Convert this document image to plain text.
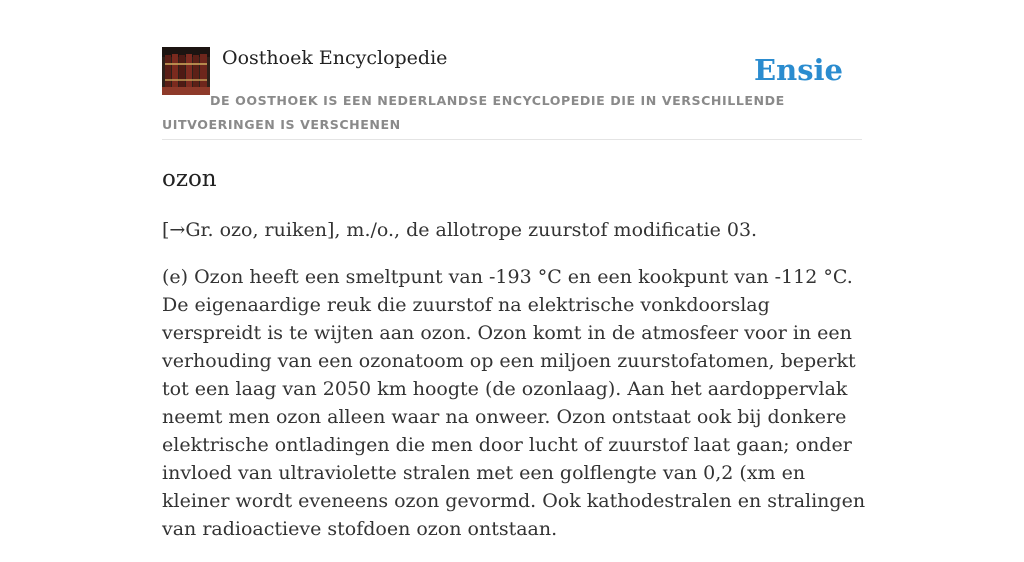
Oosthoek Encyclopedie	Ensie
DE OOSTHOEK IS EEN NEDERLANDSE ENCYCLOPEDIE DIE IN VERSCHILLENDE UITVOERINGEN IS VERSCHENEN
ozon

[→Gr. ozo, ruiken], m./o., de allotrope zuurstof modificatie 03.

(e) Ozon heeft een smeltpunt van -193 °C en een kookpunt van -112 °C. De eigenaardige reuk die zuurstof na elektrische vonkdoorslag verspreidt is te wijten aan ozon. Ozon komt in de atmosfeer voor in een verhouding van een ozonatoom op een miljoen zuurstofatomen, beperkt tot een laag van 2050 km hoogte (de ozonlaag). Aan het aardoppervlak neemt men ozon alleen waar na onweer. Ozon ontstaat ook bij donkere elektrische ontladingen die men door lucht of zuurstof laat gaan; onder invloed van ultraviolette stralen met een golflengte van 0,2 (xm en kleiner wordt eveneens ozon gevormd. Ook kathodestralen en stralingen van radioactieve stofdoen ozon ontstaan.
